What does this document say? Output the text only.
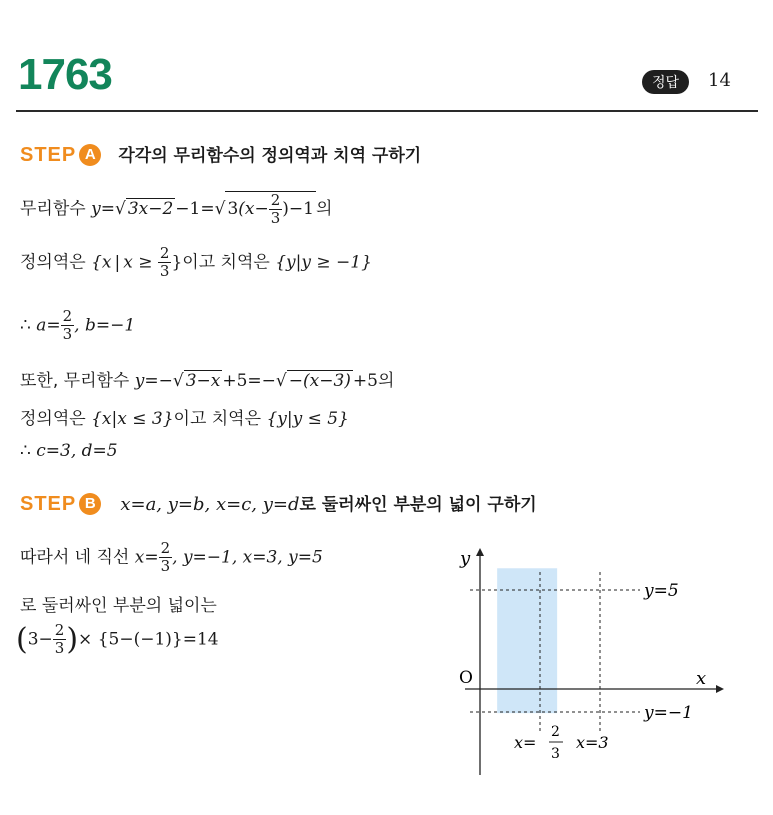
1763	정답	14
STEP A 각각의 무리함수의 정의역과 치역 구하기
무리함수 y=√ 3x−2 −1=√ $3(x- \frac{2}{3} )-1$ 의
정의역은 {x | $x \ge \frac{2}{3}$ }이고 치역은 {y|y ≥ −1}
∴ $a= \frac{2}{3}$ , b=−1
또한, 무리함수 y=−√ 3−x +5=−√ −(x−3) +5의
정의역은 {x|x ≤ 3}이고 치역은 {y|y ≤ 5}
∴ c=3, d=5
STEP B x=a, y=b, x=c, y=d로 둘러싸인 부분의 넓이 구하기
따라서 네 직선 $x= \frac{2}{3}$ , y=−1, x=3, y=5
로 둘러싸인 부분의 넓이는
($3- \frac{2}{3}$ )× {5−(−1)}=14
y
x
O
y=5
y=−1
x=
2
3
x=3
